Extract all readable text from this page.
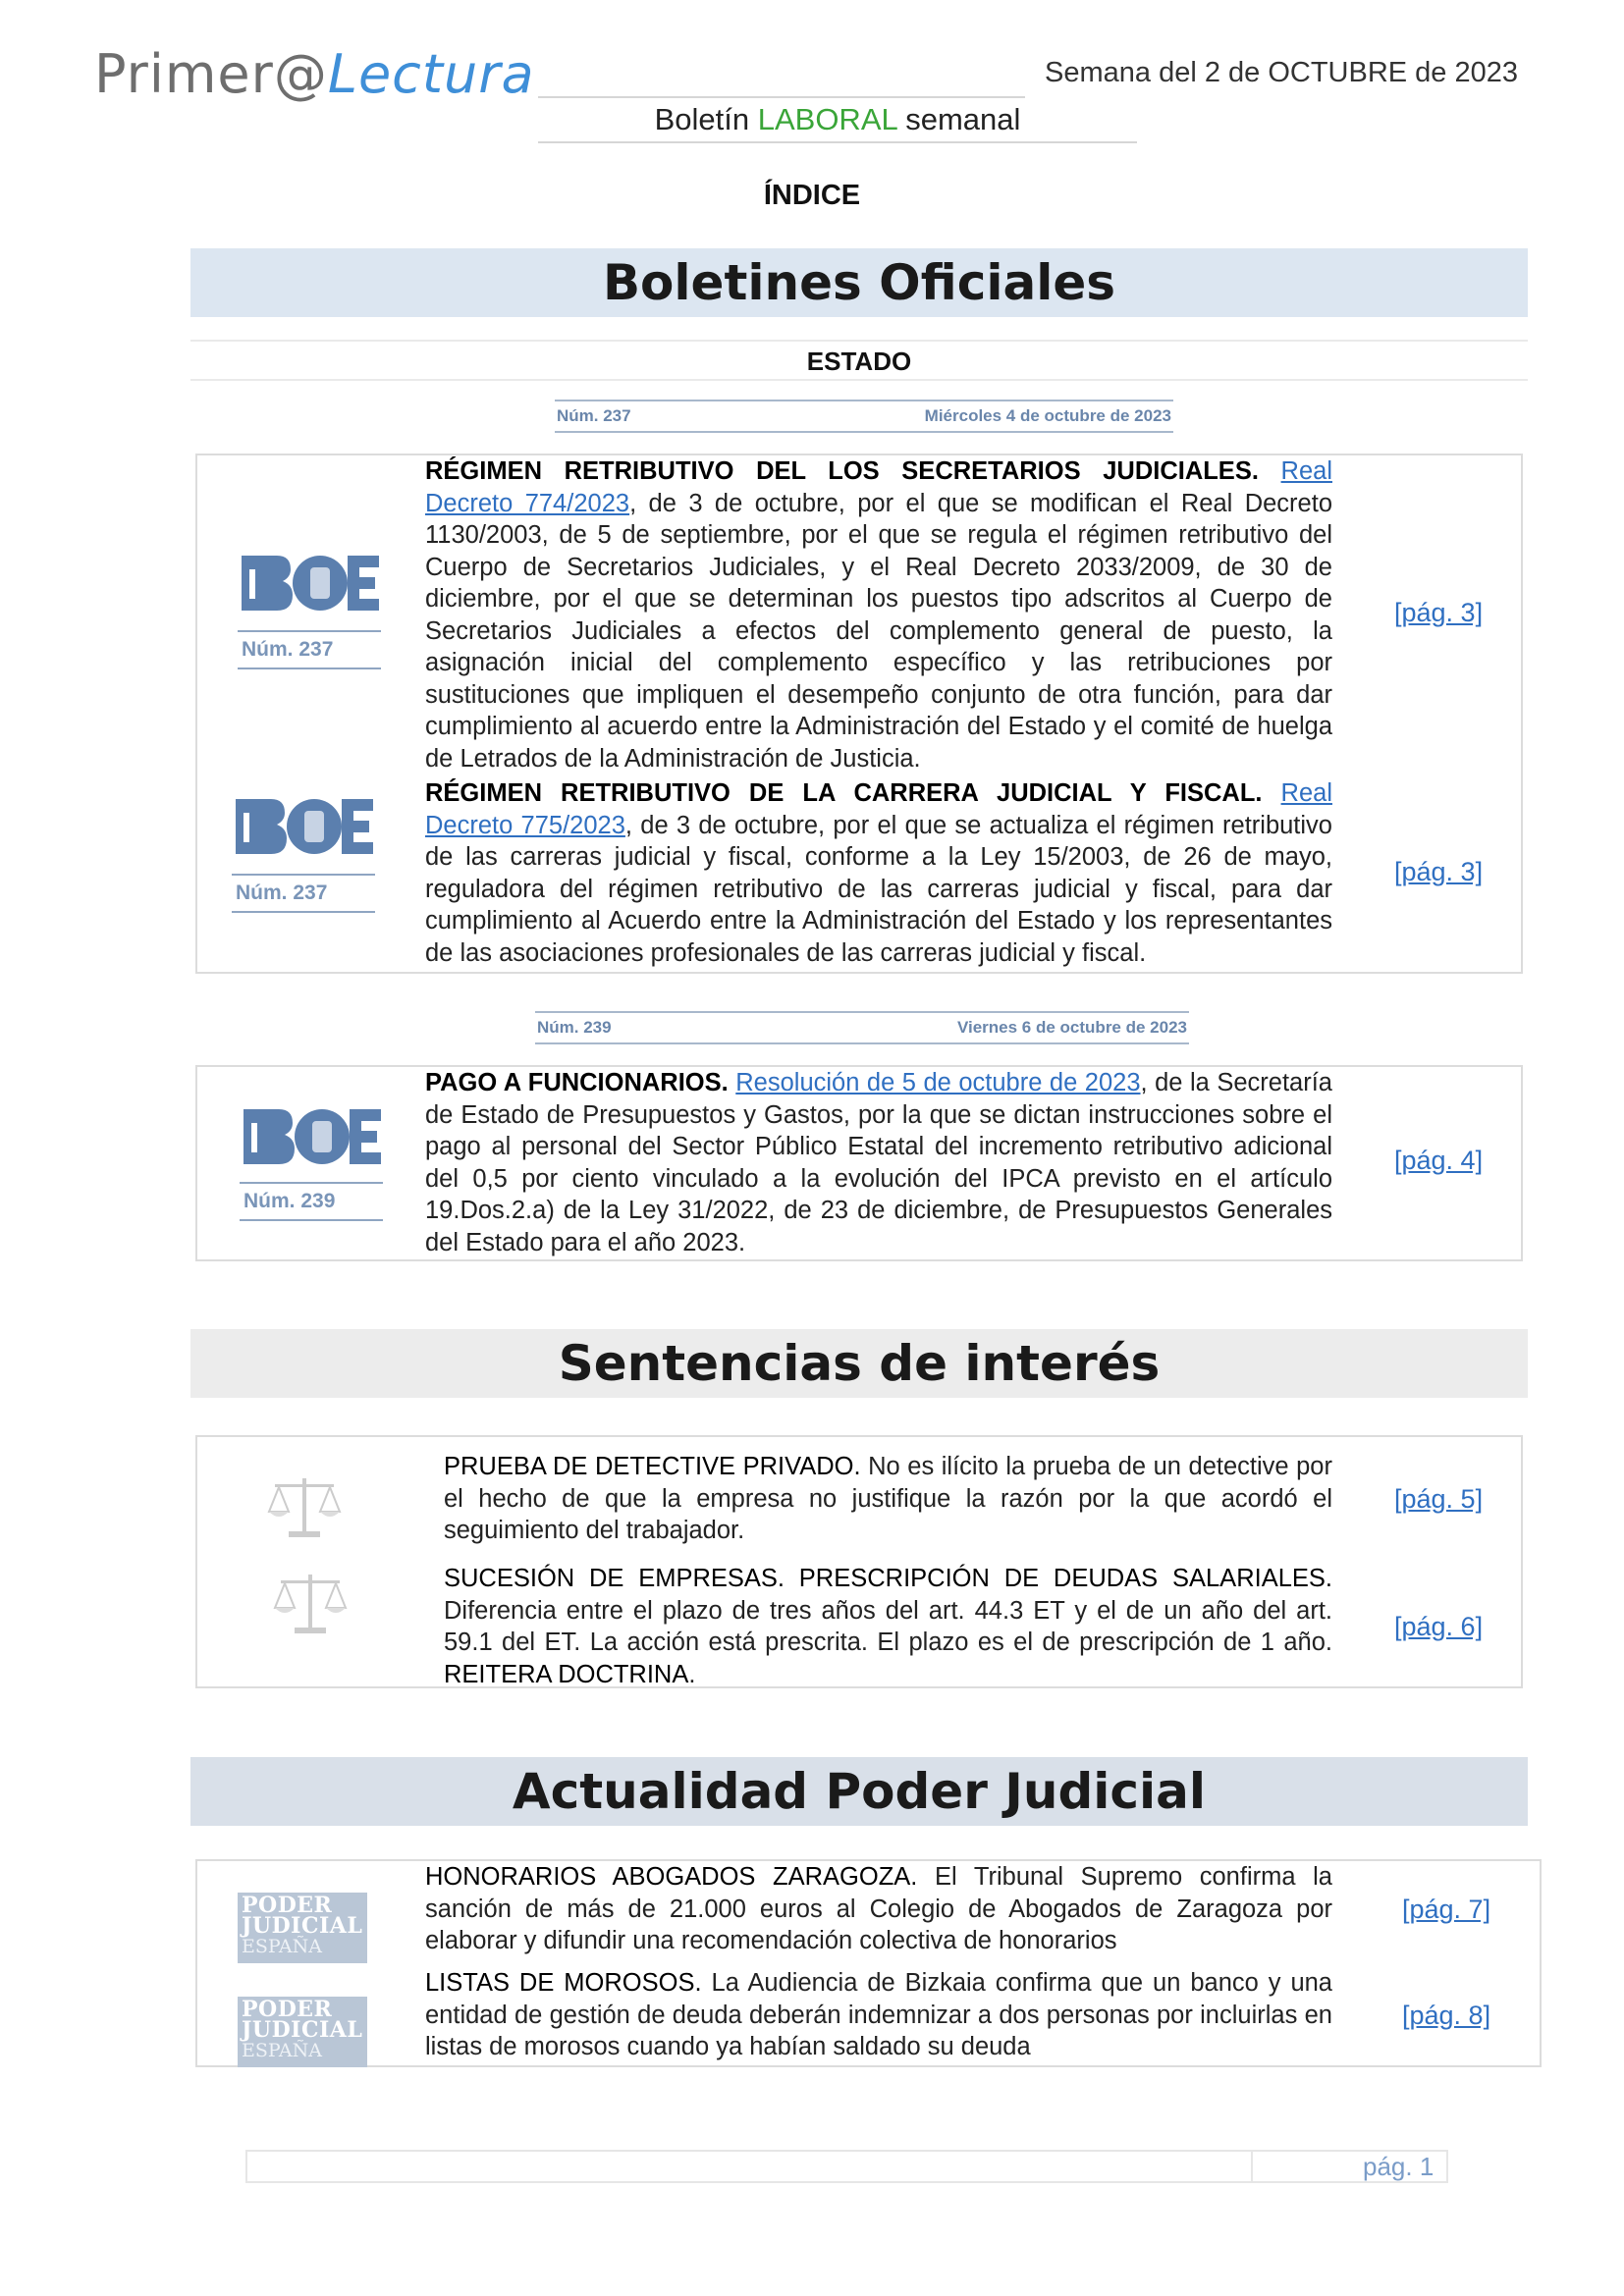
Primer@Lectura	Semana del 2 de OCTUBRE de 2023
Boletín LABORAL semanal
ÍNDICE
Boletines Oficiales
ESTADO
Núm. 237	Miércoles 4 de octubre de 2023
Núm. 237
RÉGIMEN RETRIBUTIVO DEL LOS SECRETARIOS JUDICIALES. Real Decreto 774/2023, de 3 de octubre, por el que se modifican el Real Decreto 1130/2003, de 5 de septiembre, por el que se regula el régimen retributivo del Cuerpo de Secretarios Judiciales, y el Real Decreto 2033/2009, de 30 de diciembre, por el que se determinan los puestos tipo adscritos al Cuerpo de Secretarios Judiciales a efectos del complemento general de puesto, la asignación inicial del complemento específico y las retribuciones por sustituciones que impliquen el desempeño conjunto de otra función, para dar cumplimiento al acuerdo entre la Administración del Estado y el comité de huelga de Letrados de la Administración de Justicia.
[pág. 3]
Núm. 237
RÉGIMEN RETRIBUTIVO DE LA CARRERA JUDICIAL Y FISCAL. Real Decreto 775/2023, de 3 de octubre, por el que se actualiza el régimen retributivo de las carreras judicial y fiscal, conforme a la Ley 15/2003, de 26 de mayo, reguladora del régimen retributivo de las carreras judicial y fiscal, para dar cumplimiento al Acuerdo entre la Administración del Estado y los representantes de las asociaciones profesionales de las carreras judicial y fiscal.
[pág. 3]
Núm. 239	Viernes 6 de octubre de 2023
Núm. 239
PAGO A FUNCIONARIOS. Resolución de 5 de octubre de 2023, de la Secretaría de Estado de Presupuestos y Gastos, por la que se dictan instrucciones sobre el pago al personal del Sector Público Estatal del incremento retributivo adicional del 0,5 por ciento vinculado a la evolución del IPCA previsto en el artículo 19.Dos.2.a) de la Ley 31/2022, de 23 de diciembre, de Presupuestos Generales del Estado para el año 2023.
[pág. 4]
Sentencias de interés
PRUEBA DE DETECTIVE PRIVADO. No es ilícito la prueba de un detective por el hecho de que la empresa no justifique la razón por la que acordó el seguimiento del trabajador.
[pág. 5]
SUCESIÓN DE EMPRESAS. PRESCRIPCIÓN DE DEUDAS SALARIALES. Diferencia entre el plazo de tres años del art. 44.3 ET y el de un año del art. 59.1 del ET. La acción está prescrita. El plazo es el de prescripción de 1 año. REITERA DOCTRINA.
[pág. 6]
Actualidad Poder Judicial
PODER
JUDICIAL
ESPAÑA
PODER
JUDICIAL
ESPAÑA
HONORARIOS ABOGADOS ZARAGOZA. El Tribunal Supremo confirma la sanción de más de 21.000 euros al Colegio de Abogados de Zaragoza por elaborar y difundir una recomendación colectiva de honorarios
[pág. 7]
LISTAS DE MOROSOS. La Audiencia de Bizkaia confirma que un banco y una entidad de gestión de deuda deberán indemnizar a dos personas por incluirlas en listas de morosos cuando ya habían saldado su deuda
[pág. 8]
pág. 1
